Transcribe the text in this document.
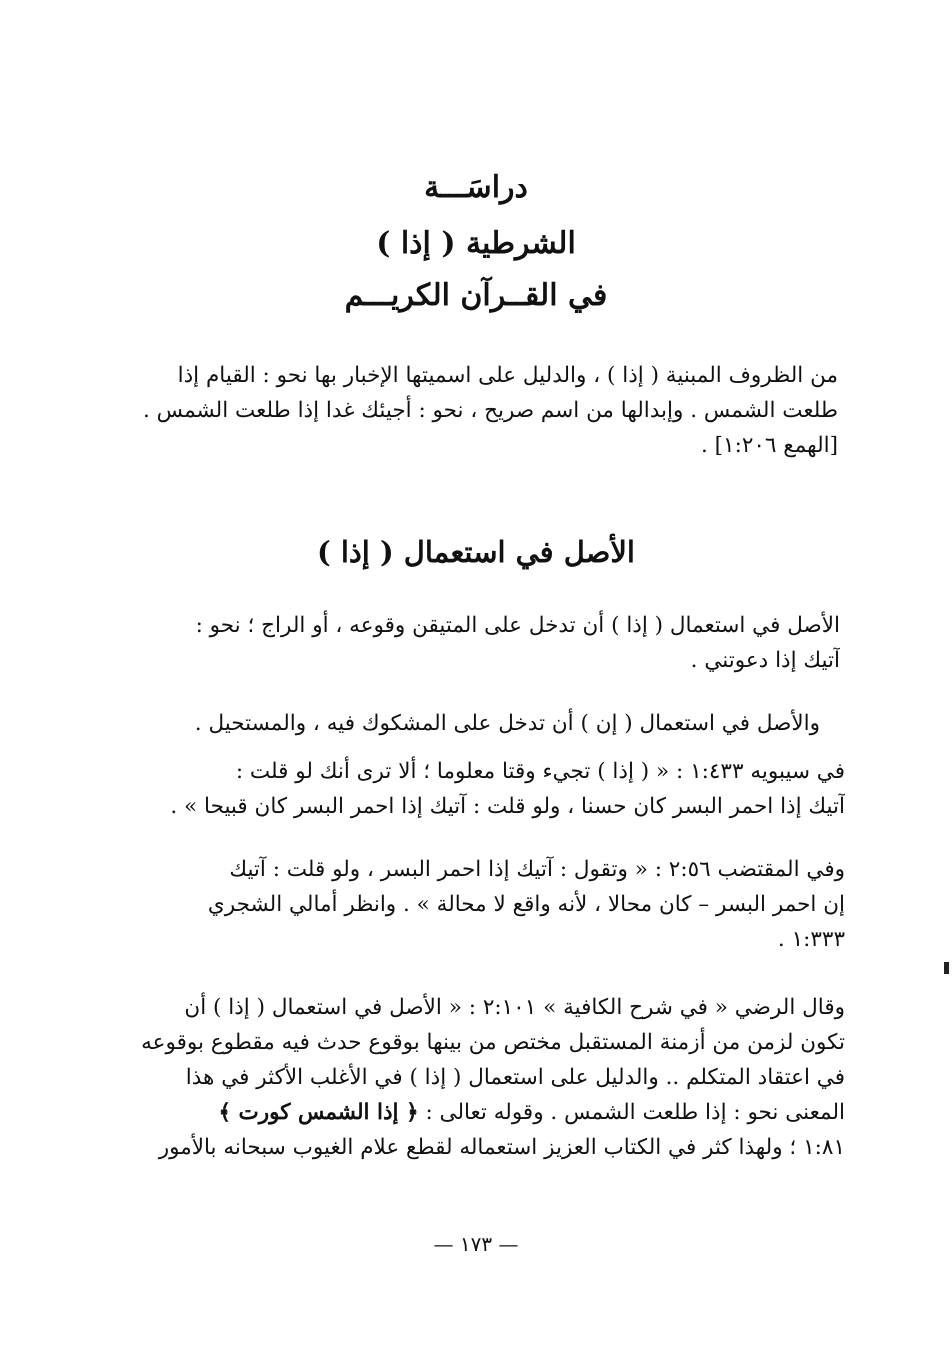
دراسَـــة
( إذا ) الشرطية
في القــرآن الكريـــم
من الظروف المبنية ( إذا ) ، والدليل على اسميتها الإخبار بها نحو : القيام إذا
طلعت الشمس . وإبدالها من اسم صريح ، نحو : أجيئك غدا إذا طلعت الشمس .
[الهمع ١:٢٠٦] .
الأصل في استعمال ( إذا )
الأصل في استعمال ( إذا ) أن تدخل على المتيقن وقوعه ، أو الراج ؛ نحو :
آتيك إذا دعوتني .
والأصل في استعمال ( إن ) أن تدخل على المشكوك فيه ، والمستحيل .
في سيبويه ١:٤٣٣ : « ( إذا ) تجيء وقتا معلوما ؛ ألا ترى أنك لو قلت :
آتيك إذا احمر البسر كان حسنا ، ولو قلت : آتيك إذا احمر البسر كان قبيحا » .
وفي المقتضب ٢:٥٦ : « وتقول : آتيك إذا احمر البسر ، ولو قلت : آتيك
إن احمر البسر – كان محالا ، لأنه واقع لا محالة » . وانظر أمالي الشجري
١:٣٣٣ .
وقال الرضي « في شرح الكافية » ٢:١٠١ : « الأصل في استعمال ( إذا ) أن
تكون لزمن من أزمنة المستقبل مختص من بينها بوقوع حدث فيه مقطوع بوقوعه
في اعتقاد المتكلم .. والدليل على استعمال ( إذا ) في الأغلب الأكثر في هذا
المعنى نحو : إذا طلعت الشمس . وقوله تعالى : ﴿ إذا الشمس كورت ﴾
١:٨١ ؛ ولهذا كثر في الكتاب العزيز استعماله لقطع علام الغيوب سبحانه بالأمور
— ١٧٣ —
